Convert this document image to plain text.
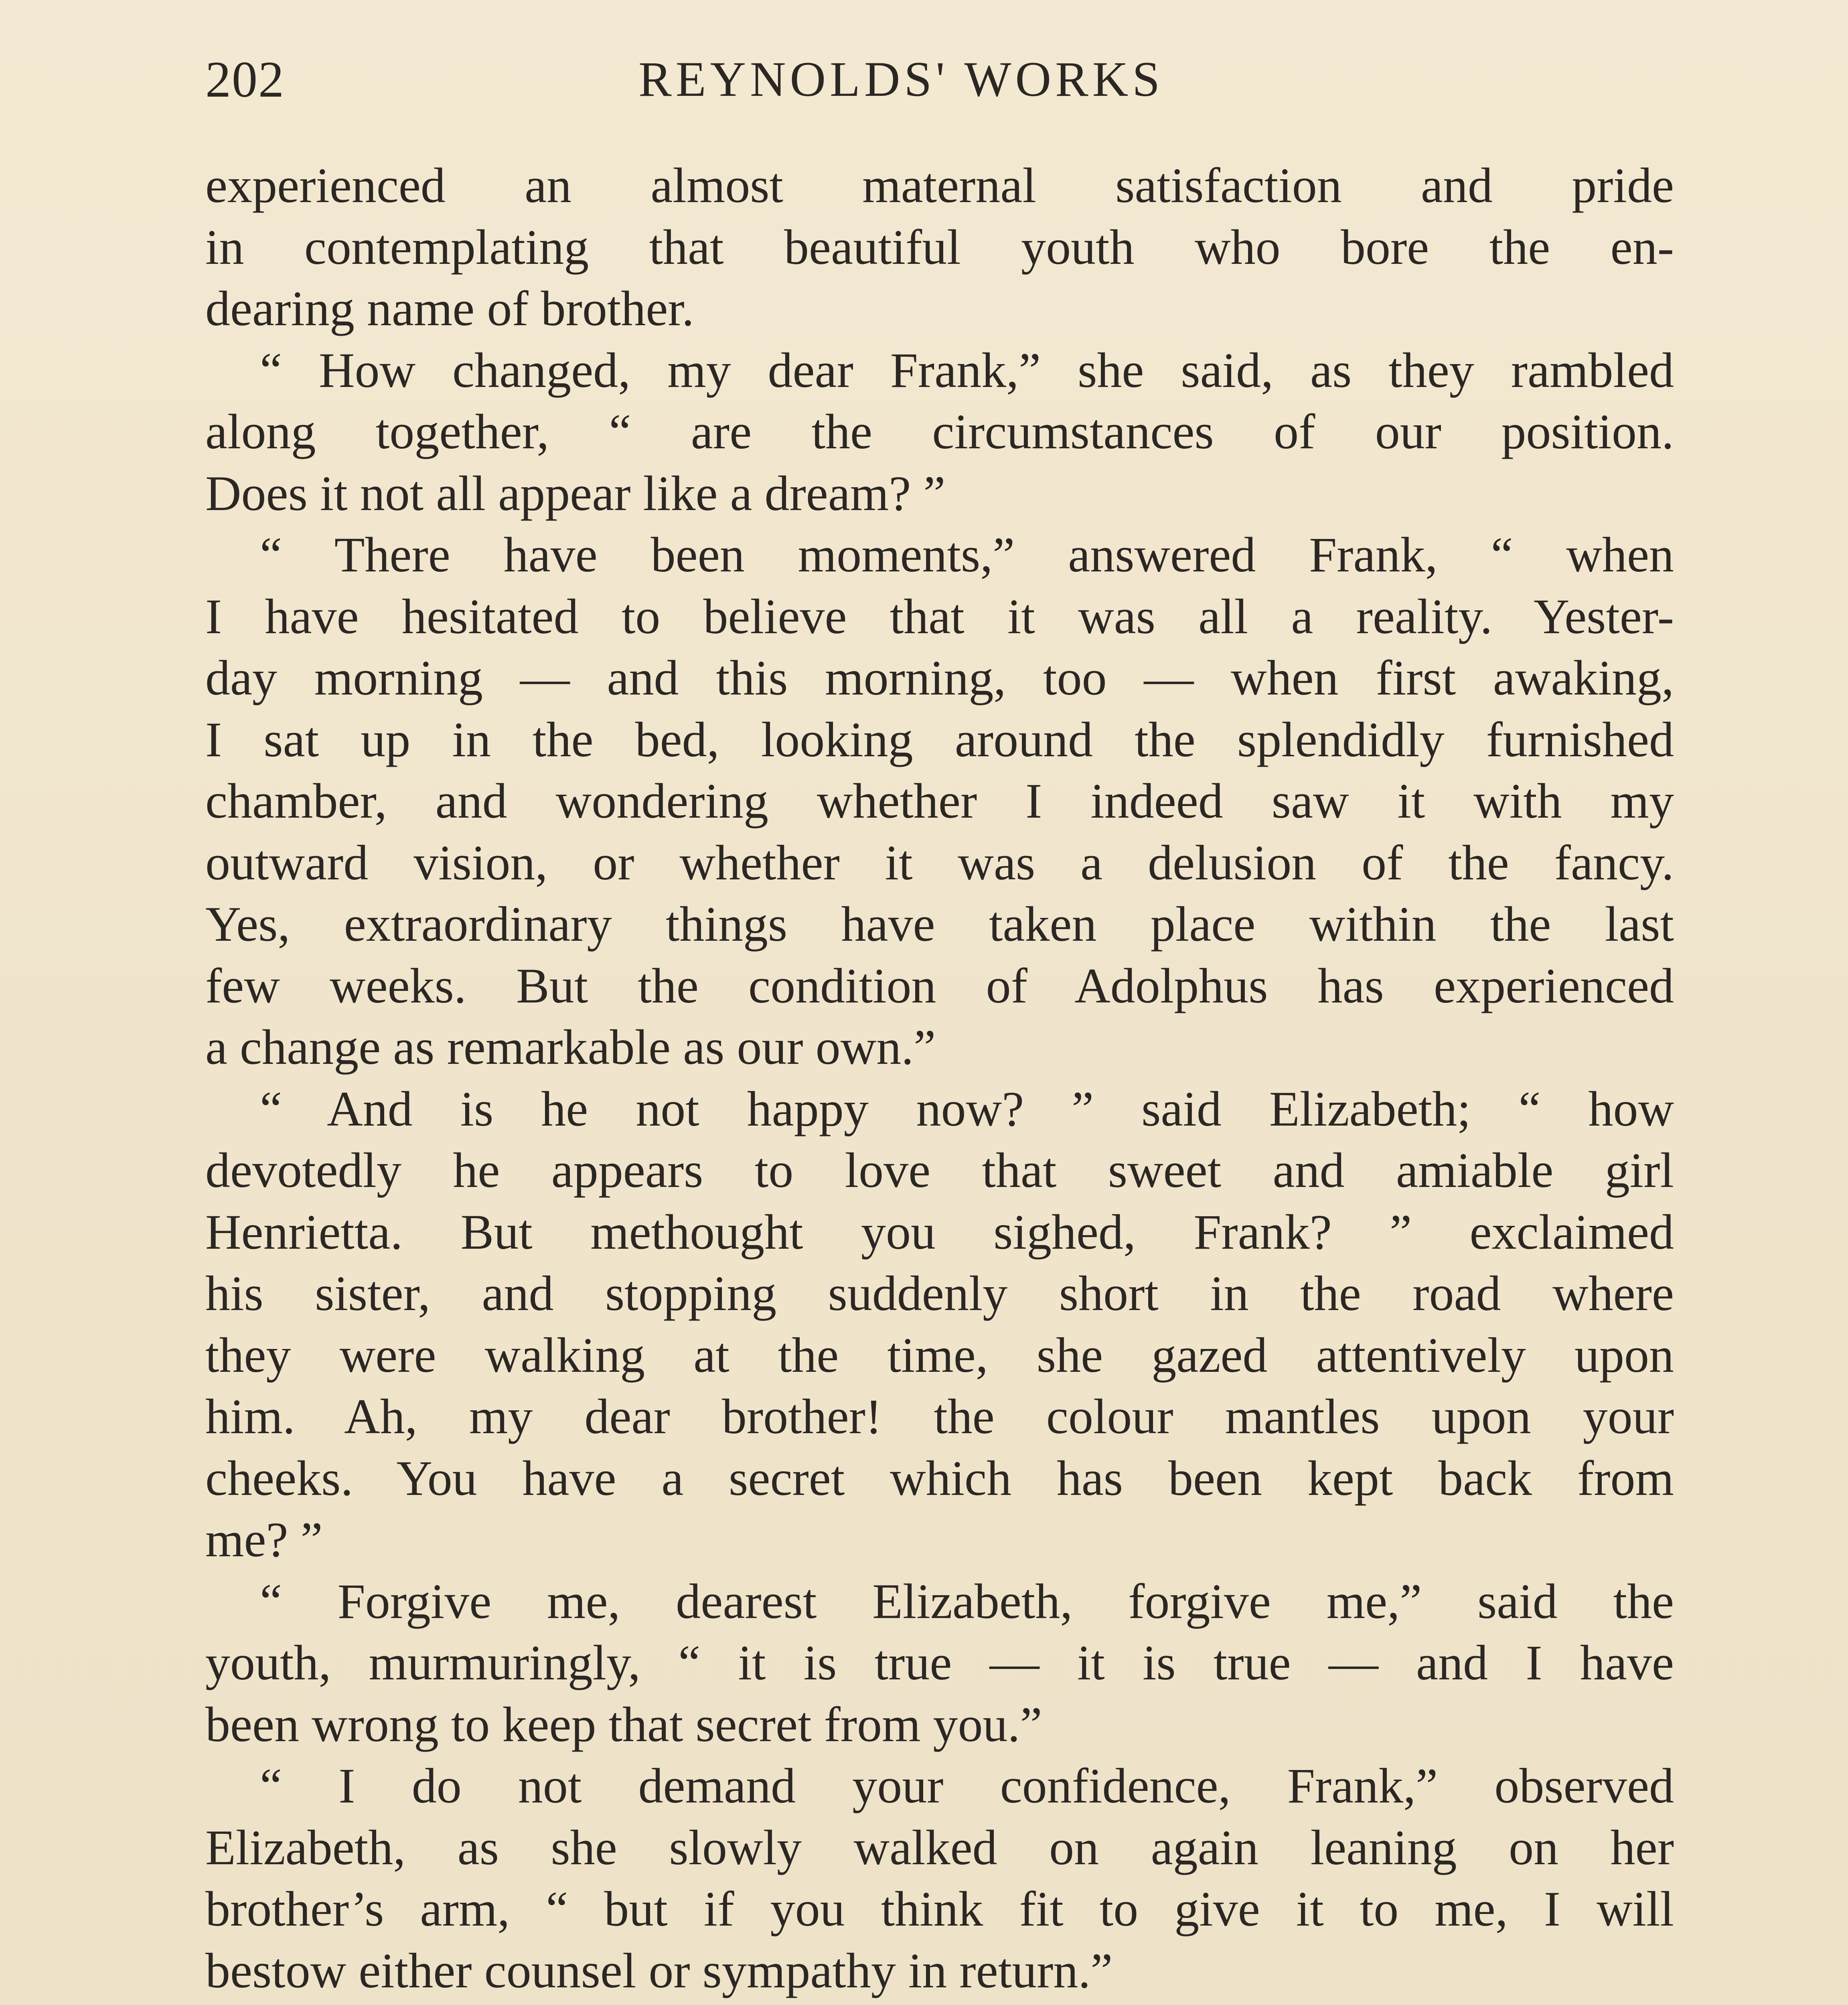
202	REYNOLDS' WORKS
experienced an almost maternal satisfaction and pride
in contemplating that beautiful youth who bore the en-
dearing name of brother.
“ How changed, my dear Frank,” she said, as they rambled
along together, “ are the circumstances of our position.
Does it not all appear like a dream? ”
“ There have been moments,” answered Frank, “ when
I have hesitated to believe that it was all a reality. Yester-
day morning — and this morning, too — when first awaking,
I sat up in the bed, looking around the splendidly furnished
chamber, and wondering whether I indeed saw it with my
outward vision, or whether it was a delusion of the fancy.
Yes, extraordinary things have taken place within the last
few weeks. But the condition of Adolphus has experienced
a change as remarkable as our own.”
“ And is he not happy now? ” said Elizabeth; “ how
devotedly he appears to love that sweet and amiable girl
Henrietta. But methought you sighed, Frank? ” exclaimed
his sister, and stopping suddenly short in the road where
they were walking at the time, she gazed attentively upon
him. Ah, my dear brother! the colour mantles upon your
cheeks. You have a secret which has been kept back from
me? ”
“ Forgive me, dearest Elizabeth, forgive me,” said the
youth, murmuringly, “ it is true — it is true — and I have
been wrong to keep that secret from you.”
“ I do not demand your confidence, Frank,” observed
Elizabeth, as she slowly walked on again leaning on her
brother’s arm, “ but if you think fit to give it to me, I will
bestow either counsel or sympathy in return.”
